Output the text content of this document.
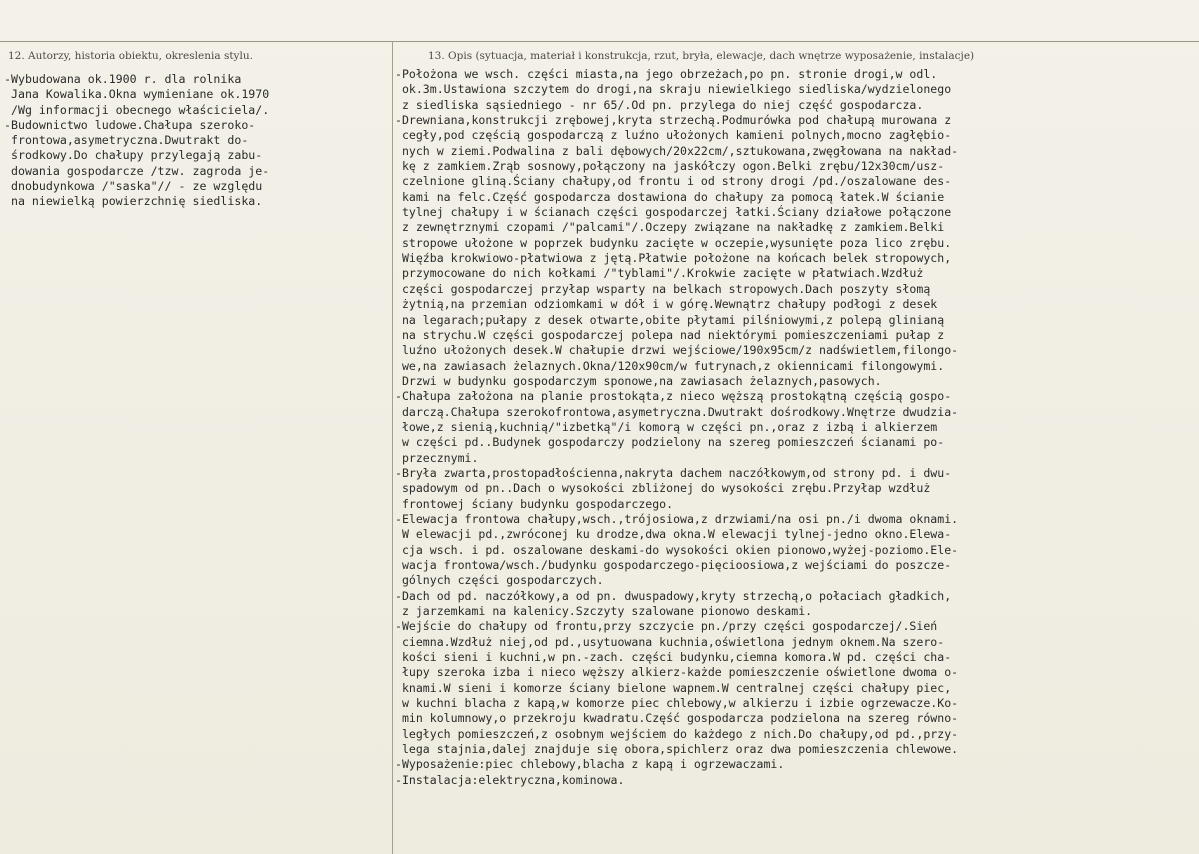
12. Autorzy, historia obiektu, okreslenia stylu.	13. Opis (sytuacja, materiał i konstrukcja, rzut, bryła, elewacje, dach wnętrze wyposażenie, instalacje)
-Wybudowana ok.1900 r. dla rolnika
Jana Kowalika.Okna wymieniane ok.1970
/Wg informacji obecnego właściciela/.
-Budownictwo ludowe.Chałupa szeroko-
frontowa,asymetryczna.Dwutrakt do-
środkowy.Do chałupy przylegają zabu-
dowania gospodarcze /tzw. zagroda je-
dnobudynkowa /"saska"// - ze względu
na niewielką powierzchnię siedliska.
-Położona we wsch. części miasta,na jego obrzeżach,po pn. stronie drogi,w odl.
ok.3m.Ustawiona szczytem do drogi,na skraju niewielkiego siedliska/wydzielonego
z siedliska sąsiedniego - nr 65/.Od pn. przylega do niej część gospodarcza.
-Drewniana,konstrukcji zrębowej,kryta strzechą.Podmurówka pod chałupą murowana z
cegły,pod częścią gospodarczą z luźno ułożonych kamieni polnych,mocno zagłębio-
nych w ziemi.Podwalina z bali dębowych/20x22cm/,sztukowana,zwęgłowana na nakład-
kę z zamkiem.Zrąb sosnowy,połączony na jaskółczy ogon.Belki zrębu/12x30cm/usz-
czelnione gliną.Ściany chałupy,od frontu i od strony drogi /pd./oszalowane des-
kami na felc.Część gospodarcza dostawiona do chałupy za pomocą łatek.W ścianie
tylnej chałupy i w ścianach części gospodarczej łatki.Ściany działowe połączone
z zewnętrznymi czopami /"palcami"/.Oczepy związane na nakładkę z zamkiem.Belki
stropowe ułożone w poprzek budynku zacięte w oczepie,wysunięte poza lico zrębu.
Więźba krokwiowo-płatwiowa z jętą.Płatwie położone na końcach belek stropowych,
przymocowane do nich kołkami /"tyblami"/.Krokwie zacięte w płatwiach.Wzdłuż
części gospodarczej przyłap wsparty na belkach stropowych.Dach poszyty słomą
żytnią,na przemian odziomkami w dół i w górę.Wewnątrz chałupy podłogi z desek
na legarach;pułapy z desek otwarte,obite płytami pilśniowymi,z polepą glinianą
na strychu.W części gospodarczej polepa nad niektórymi pomieszczeniami pułap z
luźno ułożonych desek.W chałupie drzwi wejściowe/190x95cm/z nadświetlem,filongo-
we,na zawiasach żelaznych.Okna/120x90cm/w futrynach,z okiennicami filongowymi.
Drzwi w budynku gospodarczym sponowe,na zawiasach żelaznych,pasowych.
-Chałupa założona na planie prostokąta,z nieco węższą prostokątną częścią gospo-
darczą.Chałupa szerokofrontowa,asymetryczna.Dwutrakt dośrodkowy.Wnętrze dwudzia-
łowe,z sienią,kuchnią/"izbetką"/i komorą w części pn.,oraz z izbą i alkierzem
w części pd..Budynek gospodarczy podzielony na szereg pomieszczeń ścianami po-
przecznymi.
-Bryła zwarta,prostopadłościenna,nakryta dachem naczółkowym,od strony pd. i dwu-
spadowym od pn..Dach o wysokości zbliżonej do wysokości zrębu.Przyłap wzdłuż
frontowej ściany budynku gospodarczego.
-Elewacja frontowa chałupy,wsch.,trójosiowa,z drzwiami/na osi pn./i dwoma oknami.
W elewacji pd.,zwróconej ku drodze,dwa okna.W elewacji tylnej-jedno okno.Elewa-
cja wsch. i pd. oszalowane deskami-do wysokości okien pionowo,wyżej-poziomo.Ele-
wacja frontowa/wsch./budynku gospodarczego-pięcioosiowa,z wejściami do poszcze-
gólnych części gospodarczych.
-Dach od pd. naczółkowy,a od pn. dwuspadowy,kryty strzechą,o połaciach gładkich,
z jarzemkami na kalenicy.Szczyty szalowane pionowo deskami.
-Wejście do chałupy od frontu,przy szczycie pn./przy części gospodarczej/.Sień
ciemna.Wzdłuż niej,od pd.,usytuowana kuchnia,oświetlona jednym oknem.Na szero-
kości sieni i kuchni,w pn.-zach. części budynku,ciemna komora.W pd. części cha-
łupy szeroka izba i nieco węższy alkierz-każde pomieszczenie oświetlone dwoma o-
knami.W sieni i komorze ściany bielone wapnem.W centralnej części chałupy piec,
w kuchni blacha z kapą,w komorze piec chlebowy,w alkierzu i izbie ogrzewacze.Ko-
min kolumnowy,o przekroju kwadratu.Część gospodarcza podzielona na szereg równo-
ległych pomieszczeń,z osobnym wejściem do każdego z nich.Do chałupy,od pd.,przy-
lega stajnia,dalej znajduje się obora,spichlerz oraz dwa pomieszczenia chlewowe.
-Wyposażenie:piec chlebowy,blacha z kapą i ogrzewaczami.
-Instalacja:elektryczna,kominowa.
